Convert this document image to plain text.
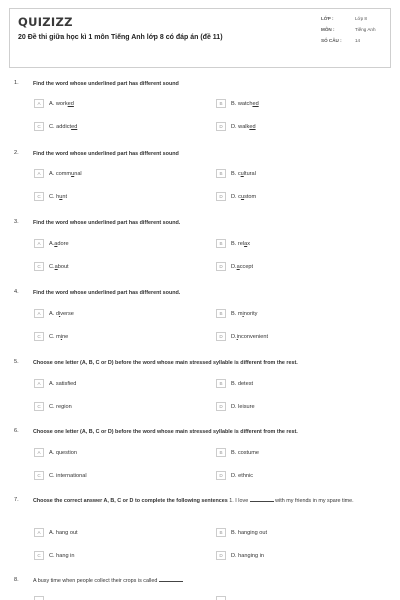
QUIZIZZ
20 Đề thi giữa học kì 1 môn Tiếng Anh lớp 8 có đáp án (đề 11)
LỚP :	Lớp 8
MÔN :	Tiếng Anh
SỐ CÂU :	14
1.	Find the word whose underlined part has different sound
A	A. work ed	B	B. watch ed
C	C. addict ed	D	D. walk ed
2.	Find the word whose underlined part has different sound
A	A. comm u nal	B	B. c u ltural
C	C. h u nt	D	D. c u stom
3.	Find the word whose underlined part has different sound.
A	A. a dore	B	B. rel a x
C	C. a bout	D	D. a ccept
4.	Find the word whose underlined part has different sound.
A	A. d i verse	B	B. m i nority
C	C. m i ne	D	D. i nconvenient
5.	Choose one letter (A, B, C or D) before the word whose main stressed syllable is different from the rest.
A	A. satisfied	B	B. detest
C	C. region	D	D. leisure
6.	Choose one letter (A, B, C or D) before the word whose main stressed syllable is different from the rest.
A	A. question	B	B. costume
C	C. international	D	D. ethnic
7.	Choose the correct answer A, B, C or D to complete the following sentences 1. I love	with my friends in my spare time.
A	A. hang out	B	B. hanging out
C	C. hang in	D	D. hanging in
8.	A busy time when people collect their crops is called
